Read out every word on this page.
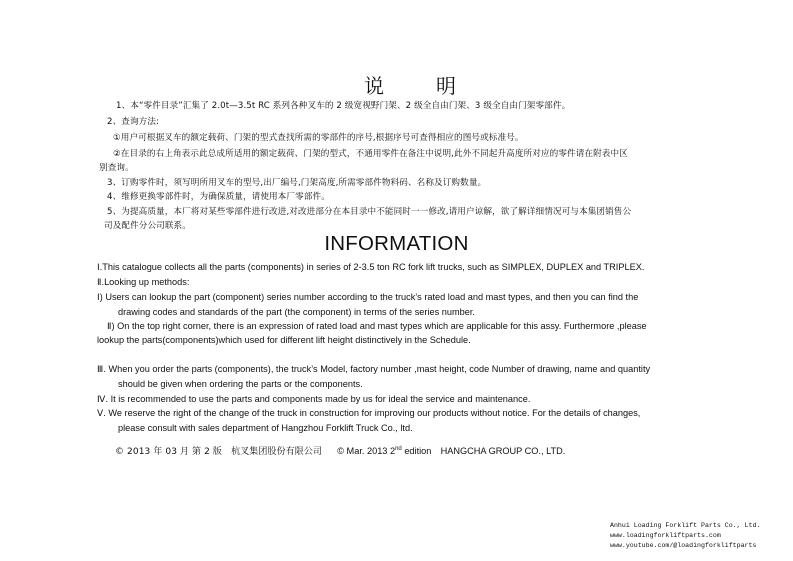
说　明
1、本“零件目录”汇集了 2.0t—3.5t RC 系列各种叉车的 2 级宽视野门架、2 级全自由门架、3 级全自由门架零部件。
2、查询方法:
①用户可根据叉车的额定载荷、门架的型式查找所需的零部件的序号,根据序号可查得相应的图号或标准号。
②在目录的右上角表示此总成所适用的额定载荷、门架的型式，不通用零件在备注中说明,此外不同起升高度所对应的零件请在附表中区
别查询。
3、订购零件时，须写明所用叉车的型号,出厂编号,门架高度,所需零部件物料码、名称及订购数量。
4、维修更换零部件时，为确保质量，请使用本厂零部件。
5、为提高质量，本厂将对某些零部件进行改进,对改进部分在本目录中不能同时一一修改,请用户谅解，欲了解详细情况可与本集团销售公
司及配件分公司联系。
INFORMATION
Ⅰ.This catalogue collects all the parts (components) in series of 2-3.5 ton RC fork lift trucks, such as SIMPLEX, DUPLEX and TRIPLEX.
Ⅱ.Looking up methods:
Ⅰ) Users can lookup the part (component) series number according to the truck’s rated load and mast types, and then you can find the
drawing codes and standards of the part (the component) in terms of the series number.
Ⅱ) On the top right corner, there is an expression of rated load and mast types which are applicable for this assy. Furthermore ,please
lookup the parts(components)which used for different lift height distinctively in the Schedule.
Ⅲ. When you order the parts (components), the truck’s Model, factory number ,mast height, code Number of drawing, name and quantity
should be given when ordering the parts or the components.
Ⅳ. It is recommended to use the parts and components made by us for ideal the service and maintenance.
Ⅴ. We reserve the right of the change of the truck in construction for improving our products without notice. For the details of changes,
please consult with sales department of Hangzhou Forklift Truck Co., ltd.
© 2013 年 03 月 第 2 版　杭叉集团股份有限公司 © Mar. 2013 2nd edition　HANGCHA GROUP CO., LTD.
Anhui Loading Forklift Parts Co., Ltd.
www.loadingforkliftparts.com
www.youtube.com/@loadingforkliftparts
